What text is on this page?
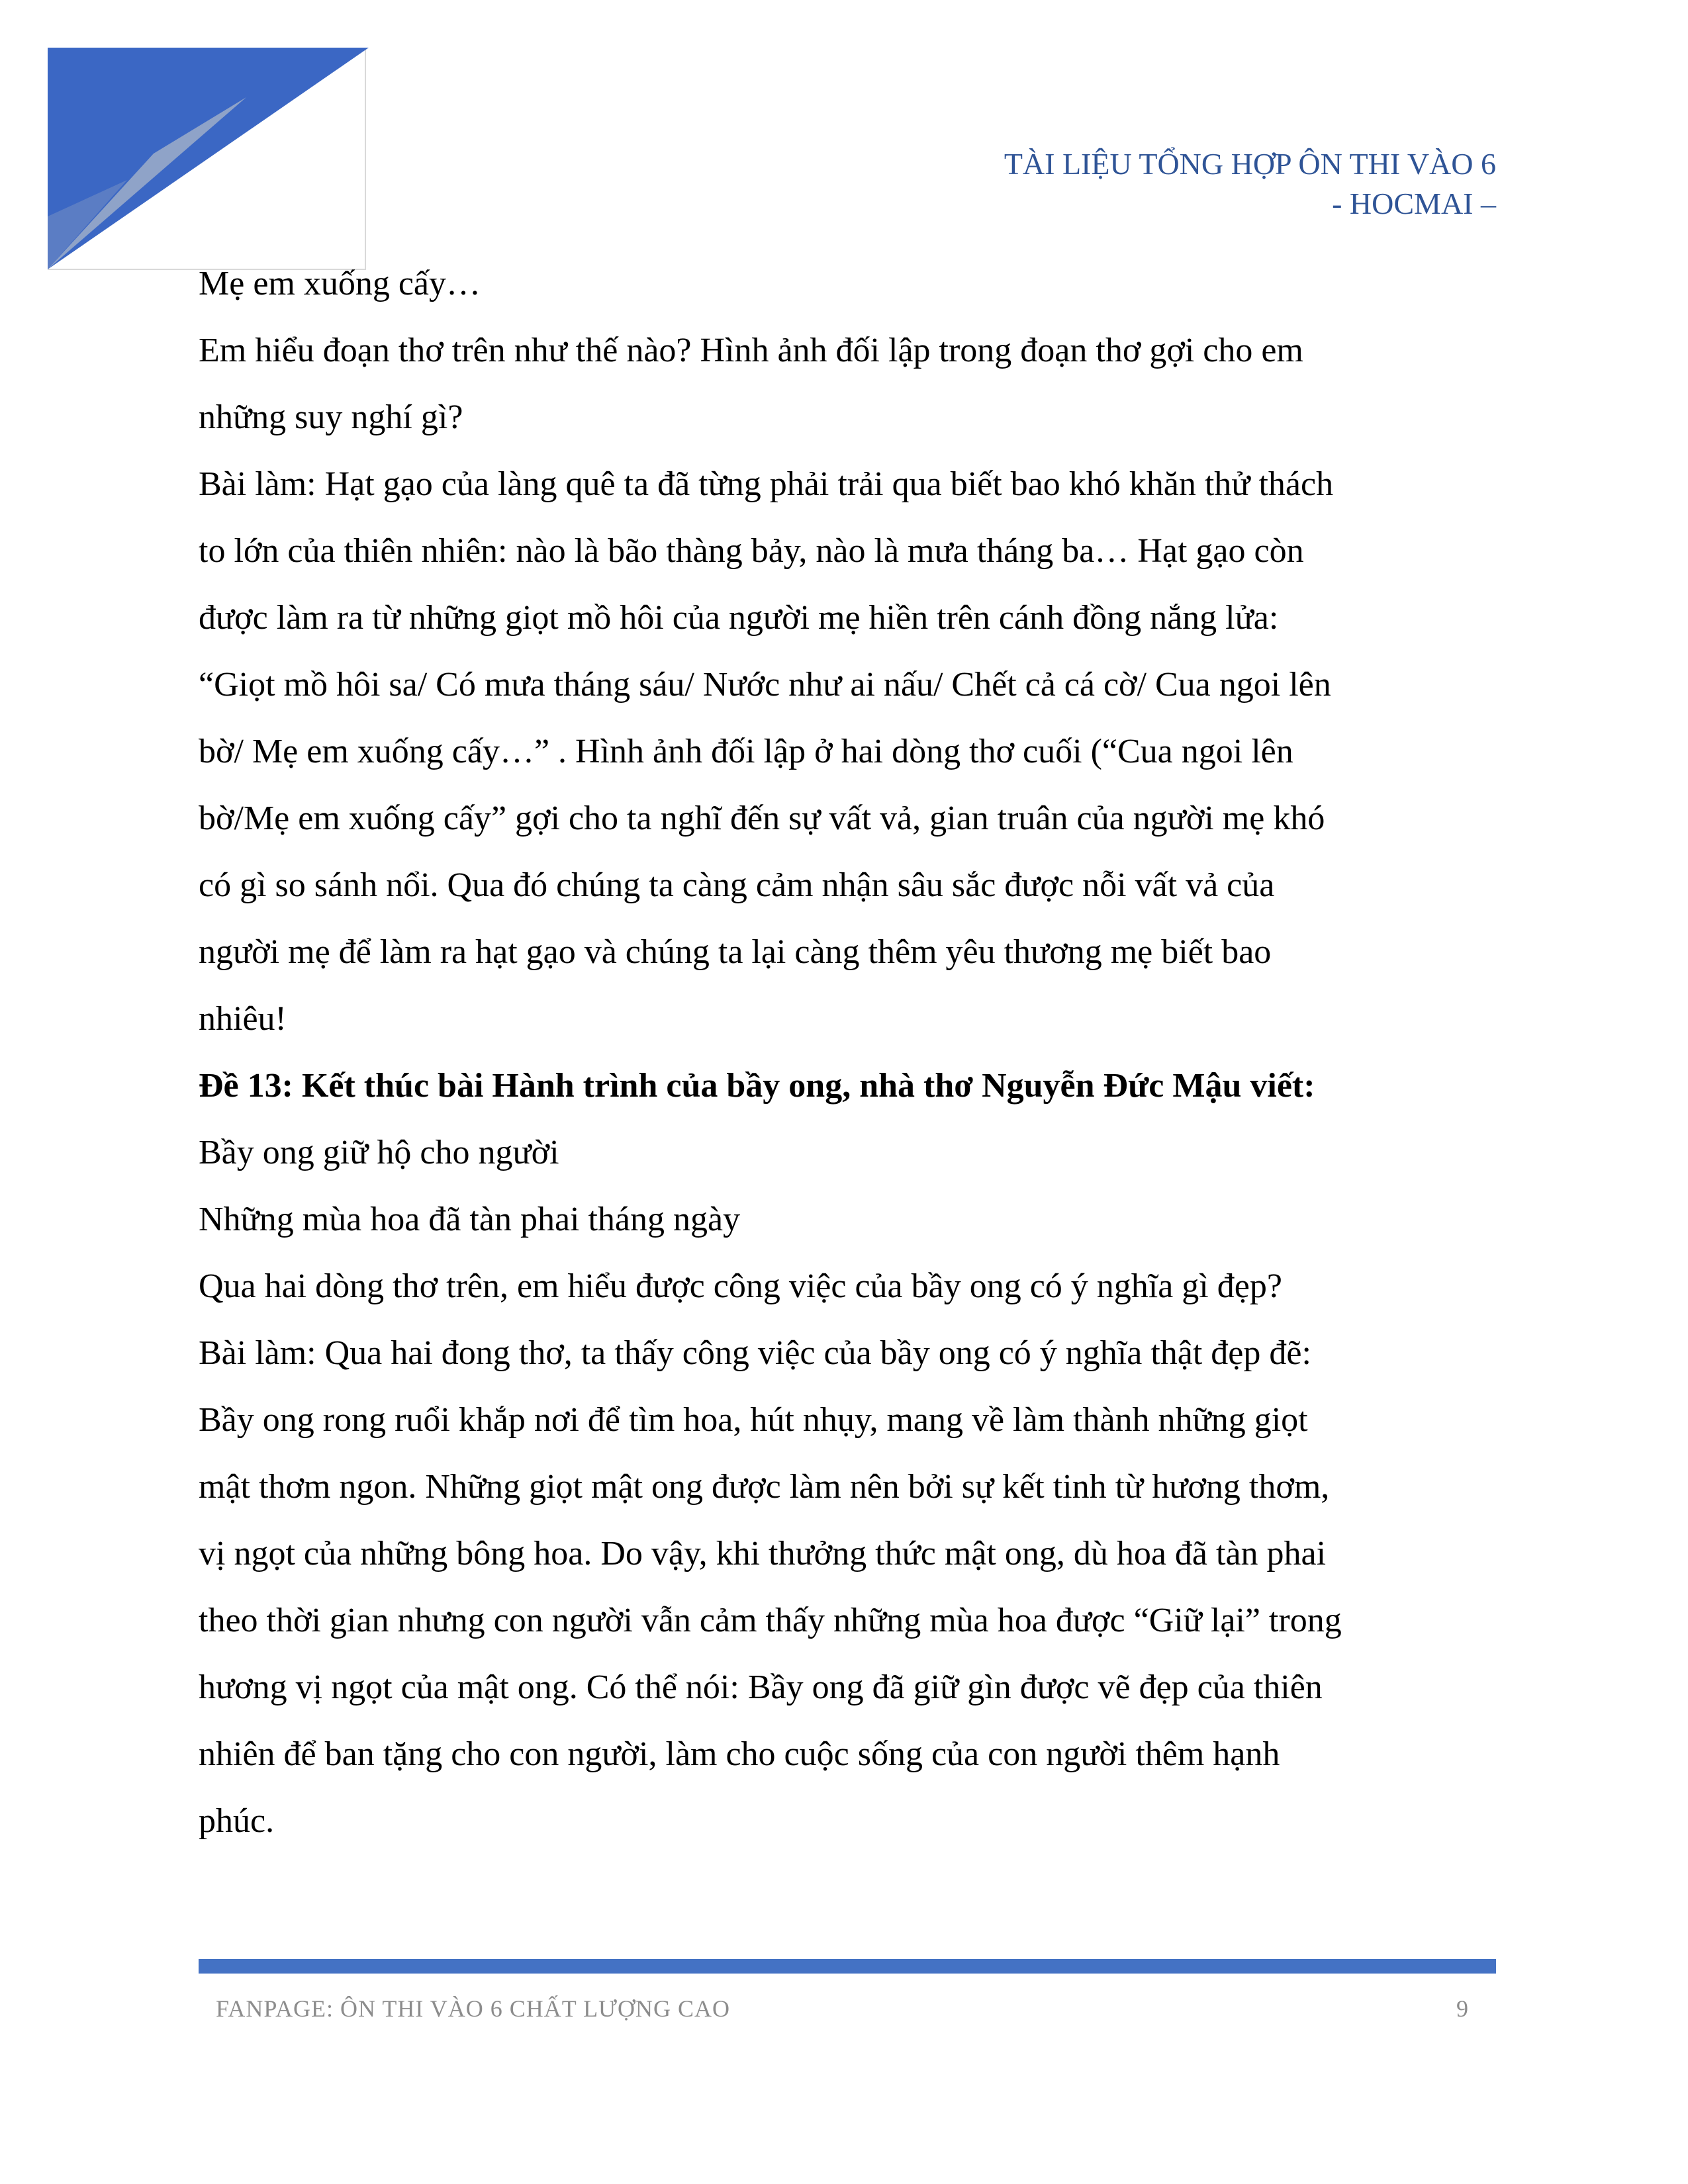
TÀI LIỆU TỔNG HỢP ÔN THI VÀO 6
- HOCMAI –

Mẹ em xuống cấy…

Em hiểu đoạn thơ trên như thế nào? Hình ảnh đối lập trong đoạn thơ gợi cho em

những suy nghí gì?

Bài làm: Hạt gạo của làng quê ta đã từng phải trải qua biết bao khó khăn thử thách

to lớn của thiên nhiên: nào là bão thàng bảy, nào là mưa tháng ba… Hạt gạo còn

được làm ra từ những giọt mồ hôi của người mẹ hiền trên cánh đồng nắng lửa:

“Giọt mồ hôi sa/ Có mưa tháng sáu/ Nước như ai nấu/ Chết cả cá cờ/ Cua ngoi lên

bờ/ Mẹ em xuống cấy…” . Hình ảnh đối lập ở hai dòng thơ cuối (“Cua ngoi lên

bờ/Mẹ em xuống cấy” gợi cho ta nghĩ đến sự vất vả, gian truân của người mẹ khó

có gì so sánh nổi. Qua đó chúng ta càng cảm nhận sâu sắc được nỗi vất vả của

người mẹ để làm ra hạt gạo và chúng ta lại càng thêm yêu thương mẹ biết bao

nhiêu!

Đề 13: Kết thúc bài Hành trình của bầy ong, nhà thơ Nguyễn Đức Mậu viết:

Bầy ong giữ hộ cho người

Những mùa hoa đã tàn phai tháng ngày

Qua hai dòng thơ trên, em hiểu được công việc của bầy ong có ý nghĩa gì đẹp?

Bài làm: Qua hai đong thơ, ta thấy công việc của bầy ong có ý nghĩa thật đẹp đẽ:

Bầy ong rong ruổi khắp nơi để tìm hoa, hút nhụy, mang về làm thành những giọt

mật thơm ngon. Những giọt mật ong được làm nên bởi sự kết tinh từ hương thơm,

vị ngọt của những bông hoa. Do vậy, khi thưởng thức mật ong, dù hoa đã tàn phai

theo thời gian nhưng con người vẫn cảm thấy những mùa hoa được “Giữ lại” trong

hương vị ngọt của mật ong. Có thể nói: Bầy ong đã giữ gìn được vẽ đẹp của thiên

nhiên để ban tặng cho con người, làm cho cuộc sống của con người thêm hạnh

phúc.

FANPAGE: ÔN THI VÀO 6 CHẤT LƯỢNG CAO	9
